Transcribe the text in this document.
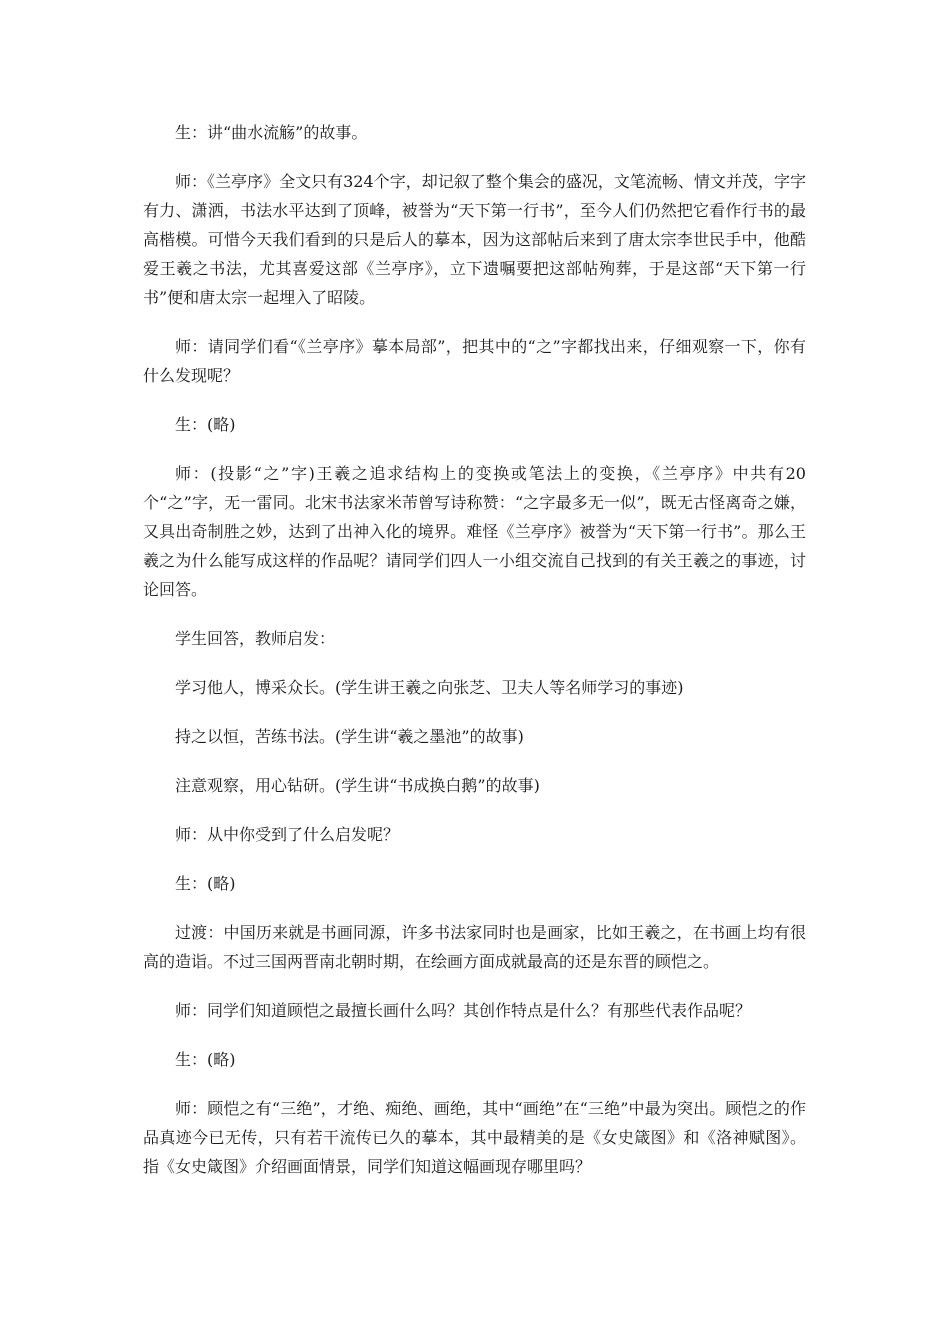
生：讲“曲水流觞”的故事。

师：《兰亭序》全文只有324个字，却记叙了整个集会的盛况，文笔流畅、情文并茂，字字有力、潇洒，书法水平达到了顶峰，被誉为“天下第一行书”，至今人们仍然把它看作行书的最高楷模。可惜今天我们看到的只是后人的摹本，因为这部帖后来到了唐太宗李世民手中，他酷爱王羲之书法，尤其喜爱这部《兰亭序》，立下遗嘱要把这部帖殉葬，于是这部“天下第一行书”便和唐太宗一起埋入了昭陵。

师：请同学们看“《兰亭序》摹本局部”，把其中的“之”字都找出来，仔细观察一下，你有什么发现呢？

生：(略)

师：(投影“之”字)王羲之追求结构上的变换或笔法上的变换，《兰亭序》中共有20个“之”字，无一雷同。北宋书法家米芾曾写诗称赞：“之字最多无一似”，既无古怪离奇之嫌，又具出奇制胜之妙，达到了出神入化的境界。难怪《兰亭序》被誉为“天下第一行书”。那么王羲之为什么能写成这样的作品呢？请同学们四人一小组交流自己找到的有关王羲之的事迹，讨论回答。

学生回答，教师启发：

学习他人，博采众长。(学生讲王羲之向张芝、卫夫人等名师学习的事迹)

持之以恒，苦练书法。(学生讲“羲之墨池”的故事)

注意观察，用心钻研。(学生讲“书成换白鹅”的故事)

师：从中你受到了什么启发呢？

生：(略)

过渡：中国历来就是书画同源，许多书法家同时也是画家，比如王羲之，在书画上均有很高的造诣。不过三国两晋南北朝时期，在绘画方面成就最高的还是东晋的顾恺之。

师：同学们知道顾恺之最擅长画什么吗？其创作特点是什么？有那些代表作品呢？

生：(略)

师：顾恺之有“三绝”，才绝、痴绝、画绝，其中“画绝”在“三绝”中最为突出。顾恺之的作品真迹今已无传，只有若干流传已久的摹本，其中最精美的是《女史箴图》和《洛神赋图》。指《女史箴图》介绍画面情景，同学们知道这幅画现存哪里吗？
